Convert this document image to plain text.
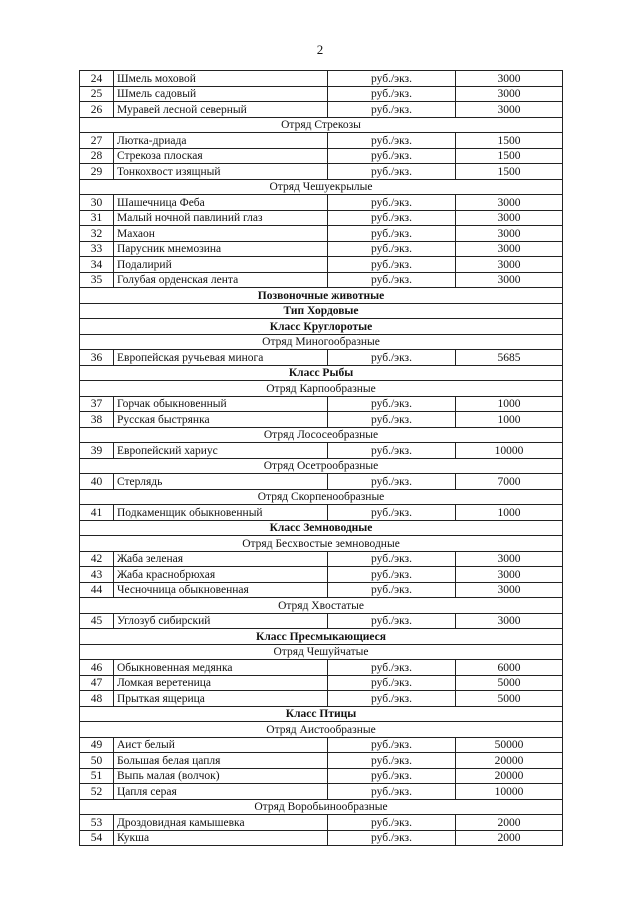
2
24	Шмель моховой	руб./экз.	3000
25	Шмель садовый	руб./экз.	3000
26	Муравей лесной северный	руб./экз.	3000
Отряд Стрекозы			
27	Лютка-дриада	руб./экз.	1500
28	Стрекоза плоская	руб./экз.	1500
29	Тонкохвост изящный	руб./экз.	1500
Отряд Чешуекрылые			
30	Шашечница Феба	руб./экз.	3000
31	Малый ночной павлиний глаз	руб./экз.	3000
32	Махаон	руб./экз.	3000
33	Парусник мнемозина	руб./экз.	3000
34	Подалирий	руб./экз.	3000
35	Голубая орденская лента	руб./экз.	3000
Позвоночные животные			
Тип Хордовые			
Класс Круглоротые			
Отряд Миногообразные			
36	Европейская ручьевая минога	руб./экз.	5685
Класс Рыбы			
Отряд Карпообразные			
37	Горчак обыкновенный	руб./экз.	1000
38	Русская быстрянка	руб./экз.	1000
Отряд Лососеобразные			
39	Европейский хариус	руб./экз.	10000
Отряд Осетрообразные			
40	Стерлядь	руб./экз.	7000
Отряд Скорпенообразные			
41	Подкаменщик обыкновенный	руб./экз.	1000
Класс Земноводные			
Отряд Бесхвостые земноводные			
42	Жаба зеленая	руб./экз.	3000
43	Жаба краснобрюхая	руб./экз.	3000
44	Чесночница обыкновенная	руб./экз.	3000
Отряд Хвостатые			
45	Углозуб сибирский	руб./экз.	3000
Класс Пресмыкающиеся			
Отряд Чешуйчатые			
46	Обыкновенная медянка	руб./экз.	6000
47	Ломкая веретеница	руб./экз.	5000
48	Прыткая ящерица	руб./экз.	5000
Класс Птицы			
Отряд Аистообразные			
49	Аист белый	руб./экз.	50000
50	Большая белая цапля	руб./экз.	20000
51	Выпь малая (волчок)	руб./экз.	20000
52	Цапля серая	руб./экз.	10000
Отряд Воробьинообразные			
53	Дроздовидная камышевка	руб./экз.	2000
54	Кукша	руб./экз.	2000
